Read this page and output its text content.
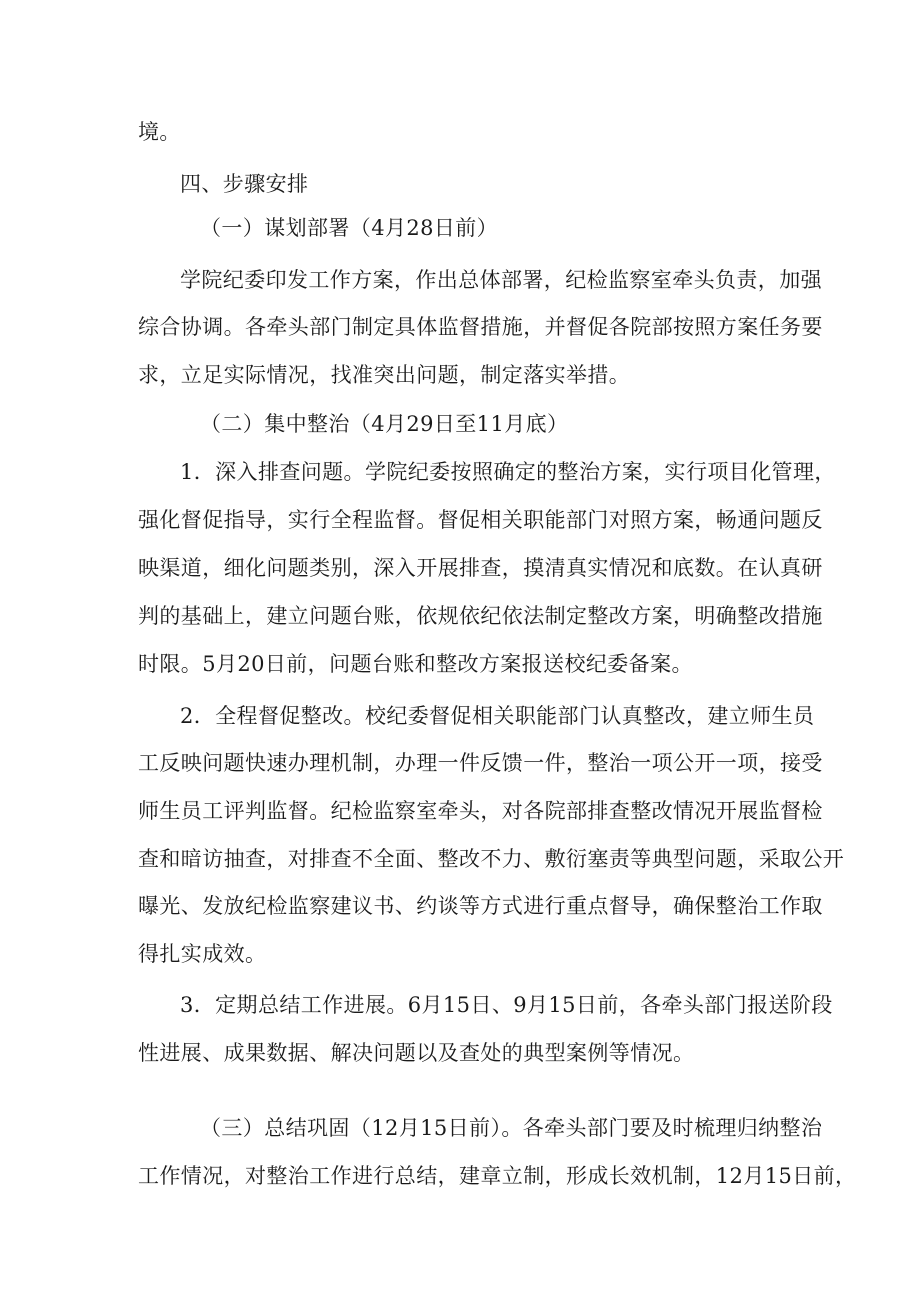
境。
四、步骤安排
（一）谋划部署（4月28日前）
学院纪委印发工作方案，作出总体部署，纪检监察室牵头负责，加强
综合协调。各牵头部门制定具体监督措施，并督促各院部按照方案任务要
求，立足实际情况，找准突出问题，制定落实举措。
（二）集中整治（4月29日至11月底）
1．深入排查问题。学院纪委按照确定的整治方案，实行项目化管理，
强化督促指导，实行全程监督。督促相关职能部门对照方案，畅通问题反
映渠道，细化问题类别，深入开展排查，摸清真实情况和底数。在认真研
判的基础上，建立问题台账，依规依纪依法制定整改方案，明确整改措施
时限。5月20日前，问题台账和整改方案报送校纪委备案。
2．全程督促整改。校纪委督促相关职能部门认真整改，建立师生员
工反映问题快速办理机制，办理一件反馈一件，整治一项公开一项，接受
师生员工评判监督。纪检监察室牵头，对各院部排查整改情况开展监督检
查和暗访抽查，对排查不全面、整改不力、敷衍塞责等典型问题，采取公开
曝光、发放纪检监察建议书、约谈等方式进行重点督导，确保整治工作取
得扎实成效。
3．定期总结工作进展。6月15日、9月15日前，各牵头部门报送阶段
性进展、成果数据、解决问题以及查处的典型案例等情况。
（三）总结巩固（12月15日前）。各牵头部门要及时梳理归纳整治
工作情况，对整治工作进行总结，建章立制，形成长效机制，12月15日前，
